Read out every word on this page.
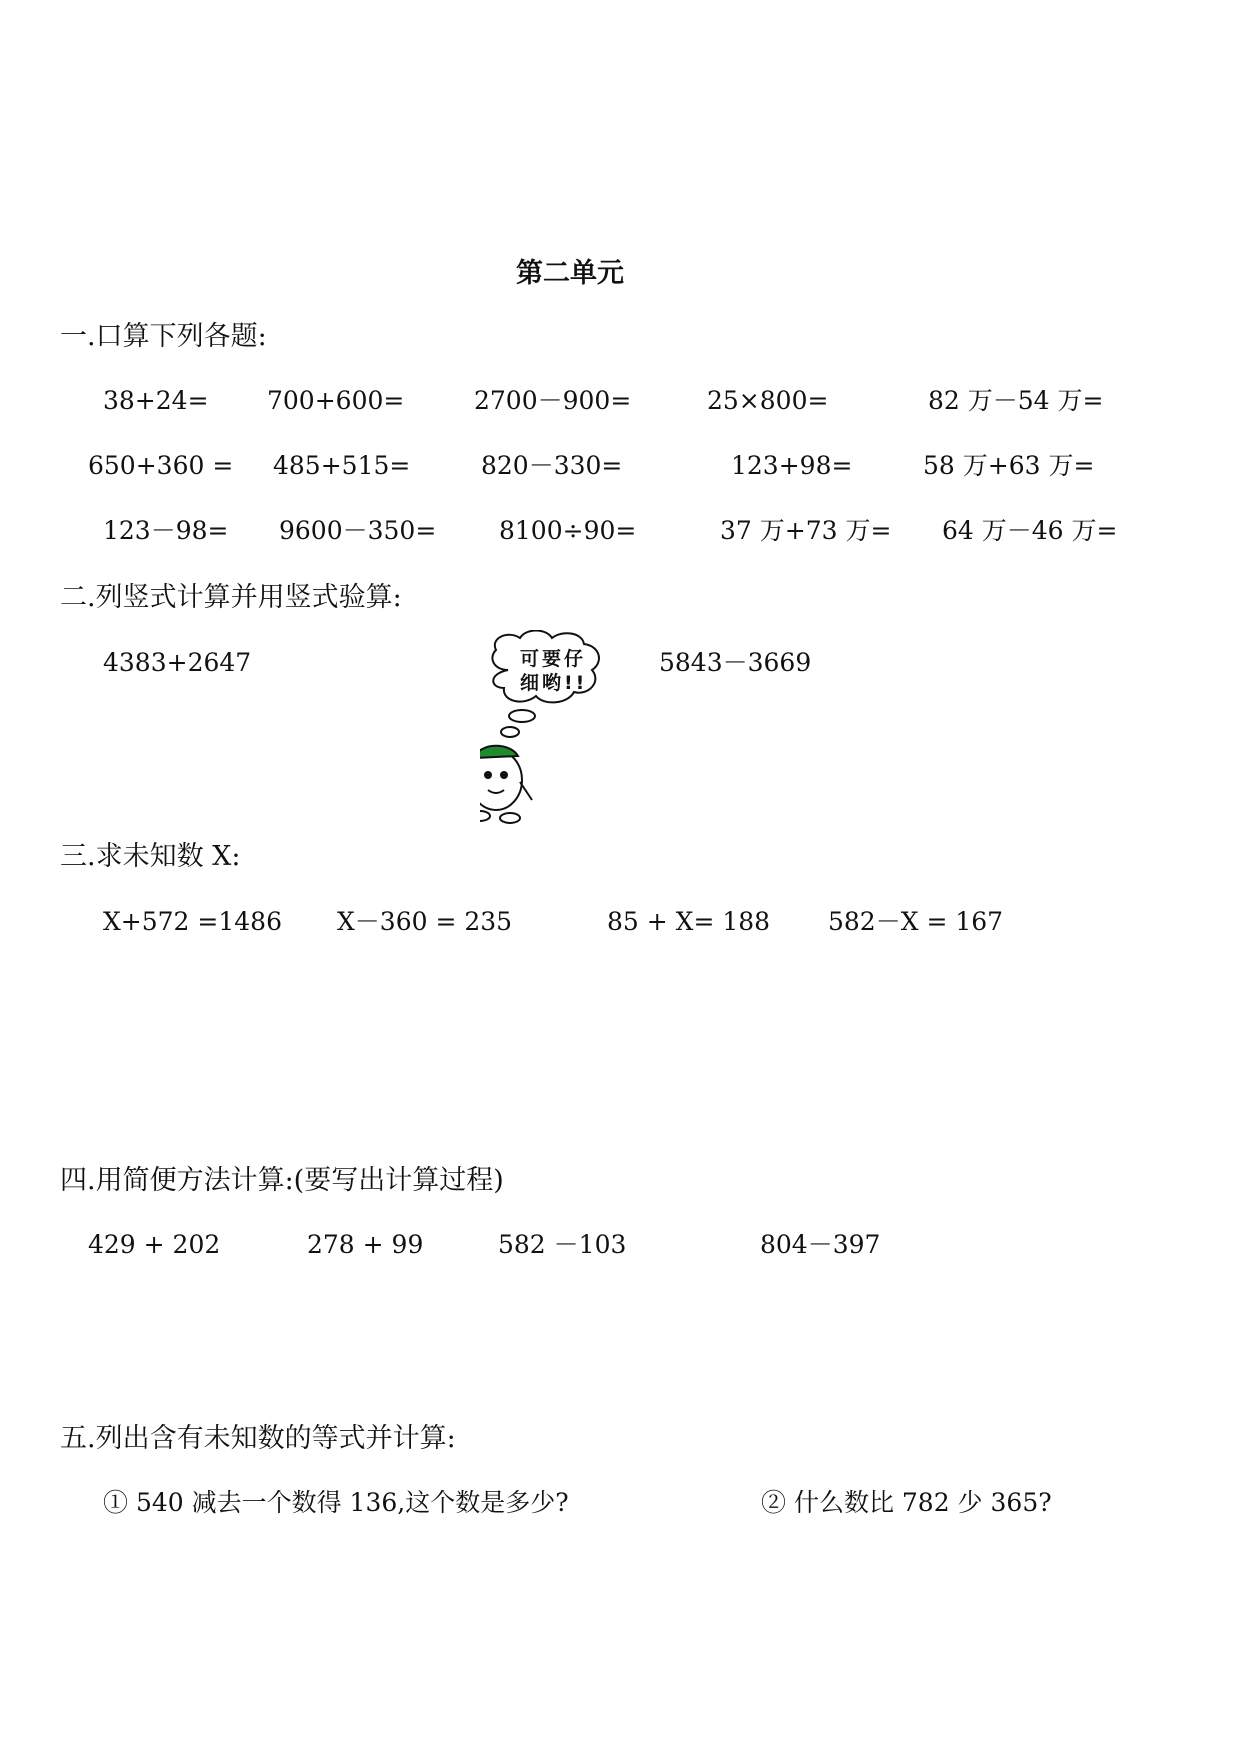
第二单元
一.口算下列各题:
38+24= 700+600=	2700－900=	25×800=	82 万－54 万=
650+360 = 485+515=	820－330=	123+98=	58 万+63 万=
123－98= 9600－350=	8100÷90=	37 万+73 万= 64 万－46 万=
二.列竖式计算并用竖式验算:
4383+2647	5843－3669
可要仔
细哟!!
三.求未知数 X:
X+572 =1486 X－360 = 235	85 + X= 188 582－X = 167
四.用简便方法计算:(要写出计算过程)
429 + 202	278 + 99	582 －103	804－397
五.列出含有未知数的等式并计算:
① 540 减去一个数得 136,这个数是多少?	② 什么数比 782 少 365?
